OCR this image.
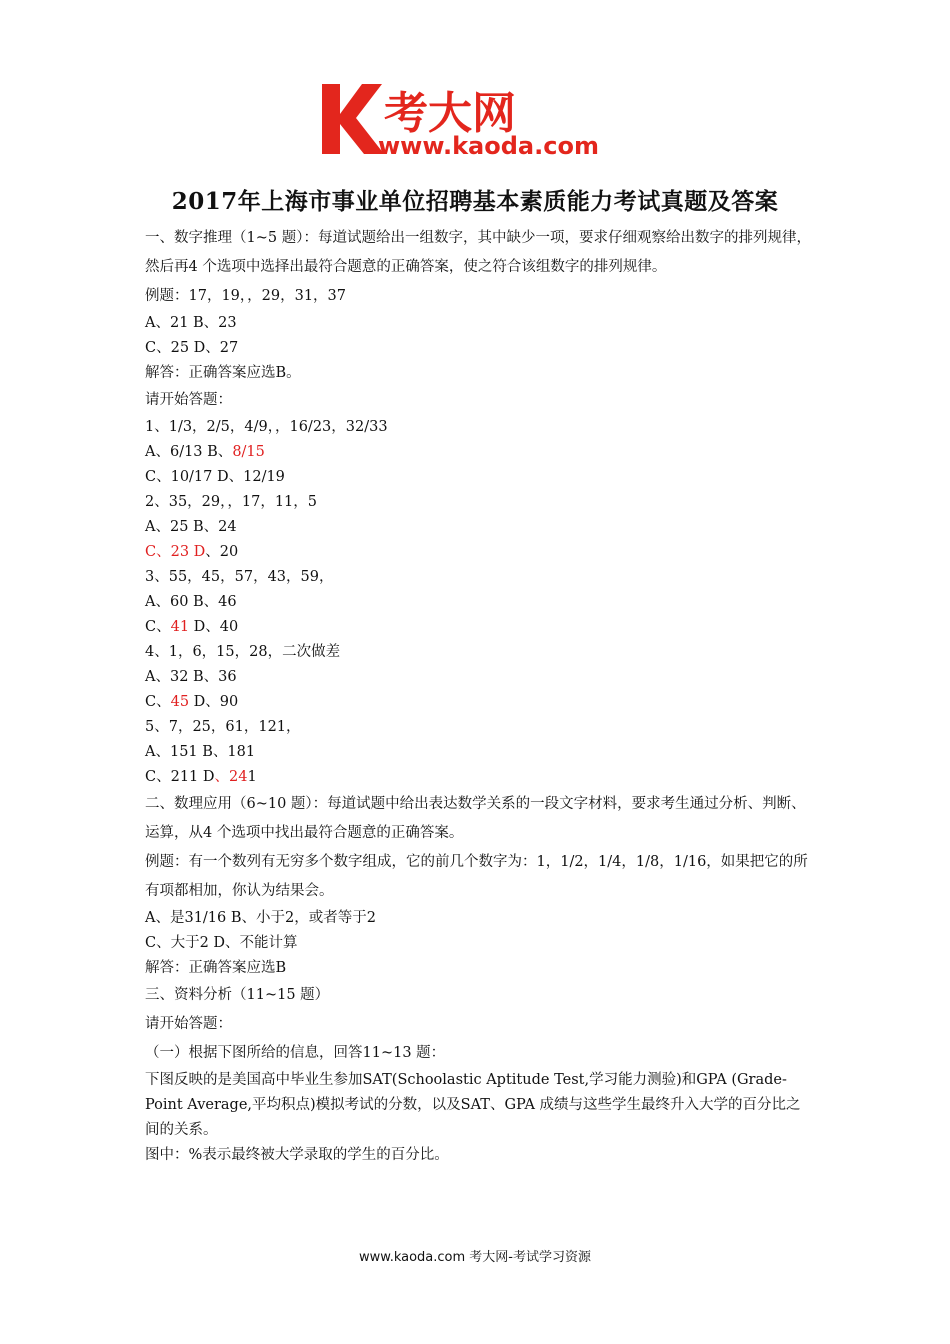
考大网
www.kaoda.com
2017年上海市事业单位招聘基本素质能力考试真题及答案

一、数字推理（1~5 题）：每道试题给出一组数字，其中缺少一项，要求仔细观察给出数字的排列规律，然后再4 个选项中选择出最符合题意的正确答案，使之符合该组数字的排列规律。

例题：17，19，，29，31，37

A、21 B、23

C、25 D、27

解答：正确答案应选B。

请开始答题：

1、1/3，2/5，4/9，，16/23，32/33

A、6/13 B、8/15

C、10/17 D、12/19

2、35，29，，17，11，5

A、25 B、24

C、23 D、20

3、55，45，57，43，59，

A、60 B、46

C、41 D、40

4、1，6，15，28，二次做差

A、32 B、36

C、45 D、90

5、7，25，61，121，

A、151 B、181

C、211 D、241

二、数理应用（6~10 题）：每道试题中给出表达数学关系的一段文字材料，要求考生通过分析、判断、运算，从4 个选项中找出最符合题意的正确答案。

例题：有一个数列有无穷多个数字组成，它的前几个数字为：1，1/2，1/4，1/8，1/16，如果把它的所有项都相加，你认为结果会。

A、是31/16 B、小于2，或者等于2

C、大于2 D、不能计算

解答：正确答案应选B

三、资料分析（11~15 题）

请开始答题：

（一）根据下图所给的信息，回答11~13 题：

下图反映的是美国高中毕业生参加SAT(Schoolastic Aptitude Test,学习能力测验)和GPA (Grade-Point Average,平均积点)模拟考试的分数，以及SAT、GPA 成绩与这些学生最终升入大学的百分比之间的关系。

图中：%表示最终被大学录取的学生的百分比。

www.kaoda.com 考大网-考试学习资源
